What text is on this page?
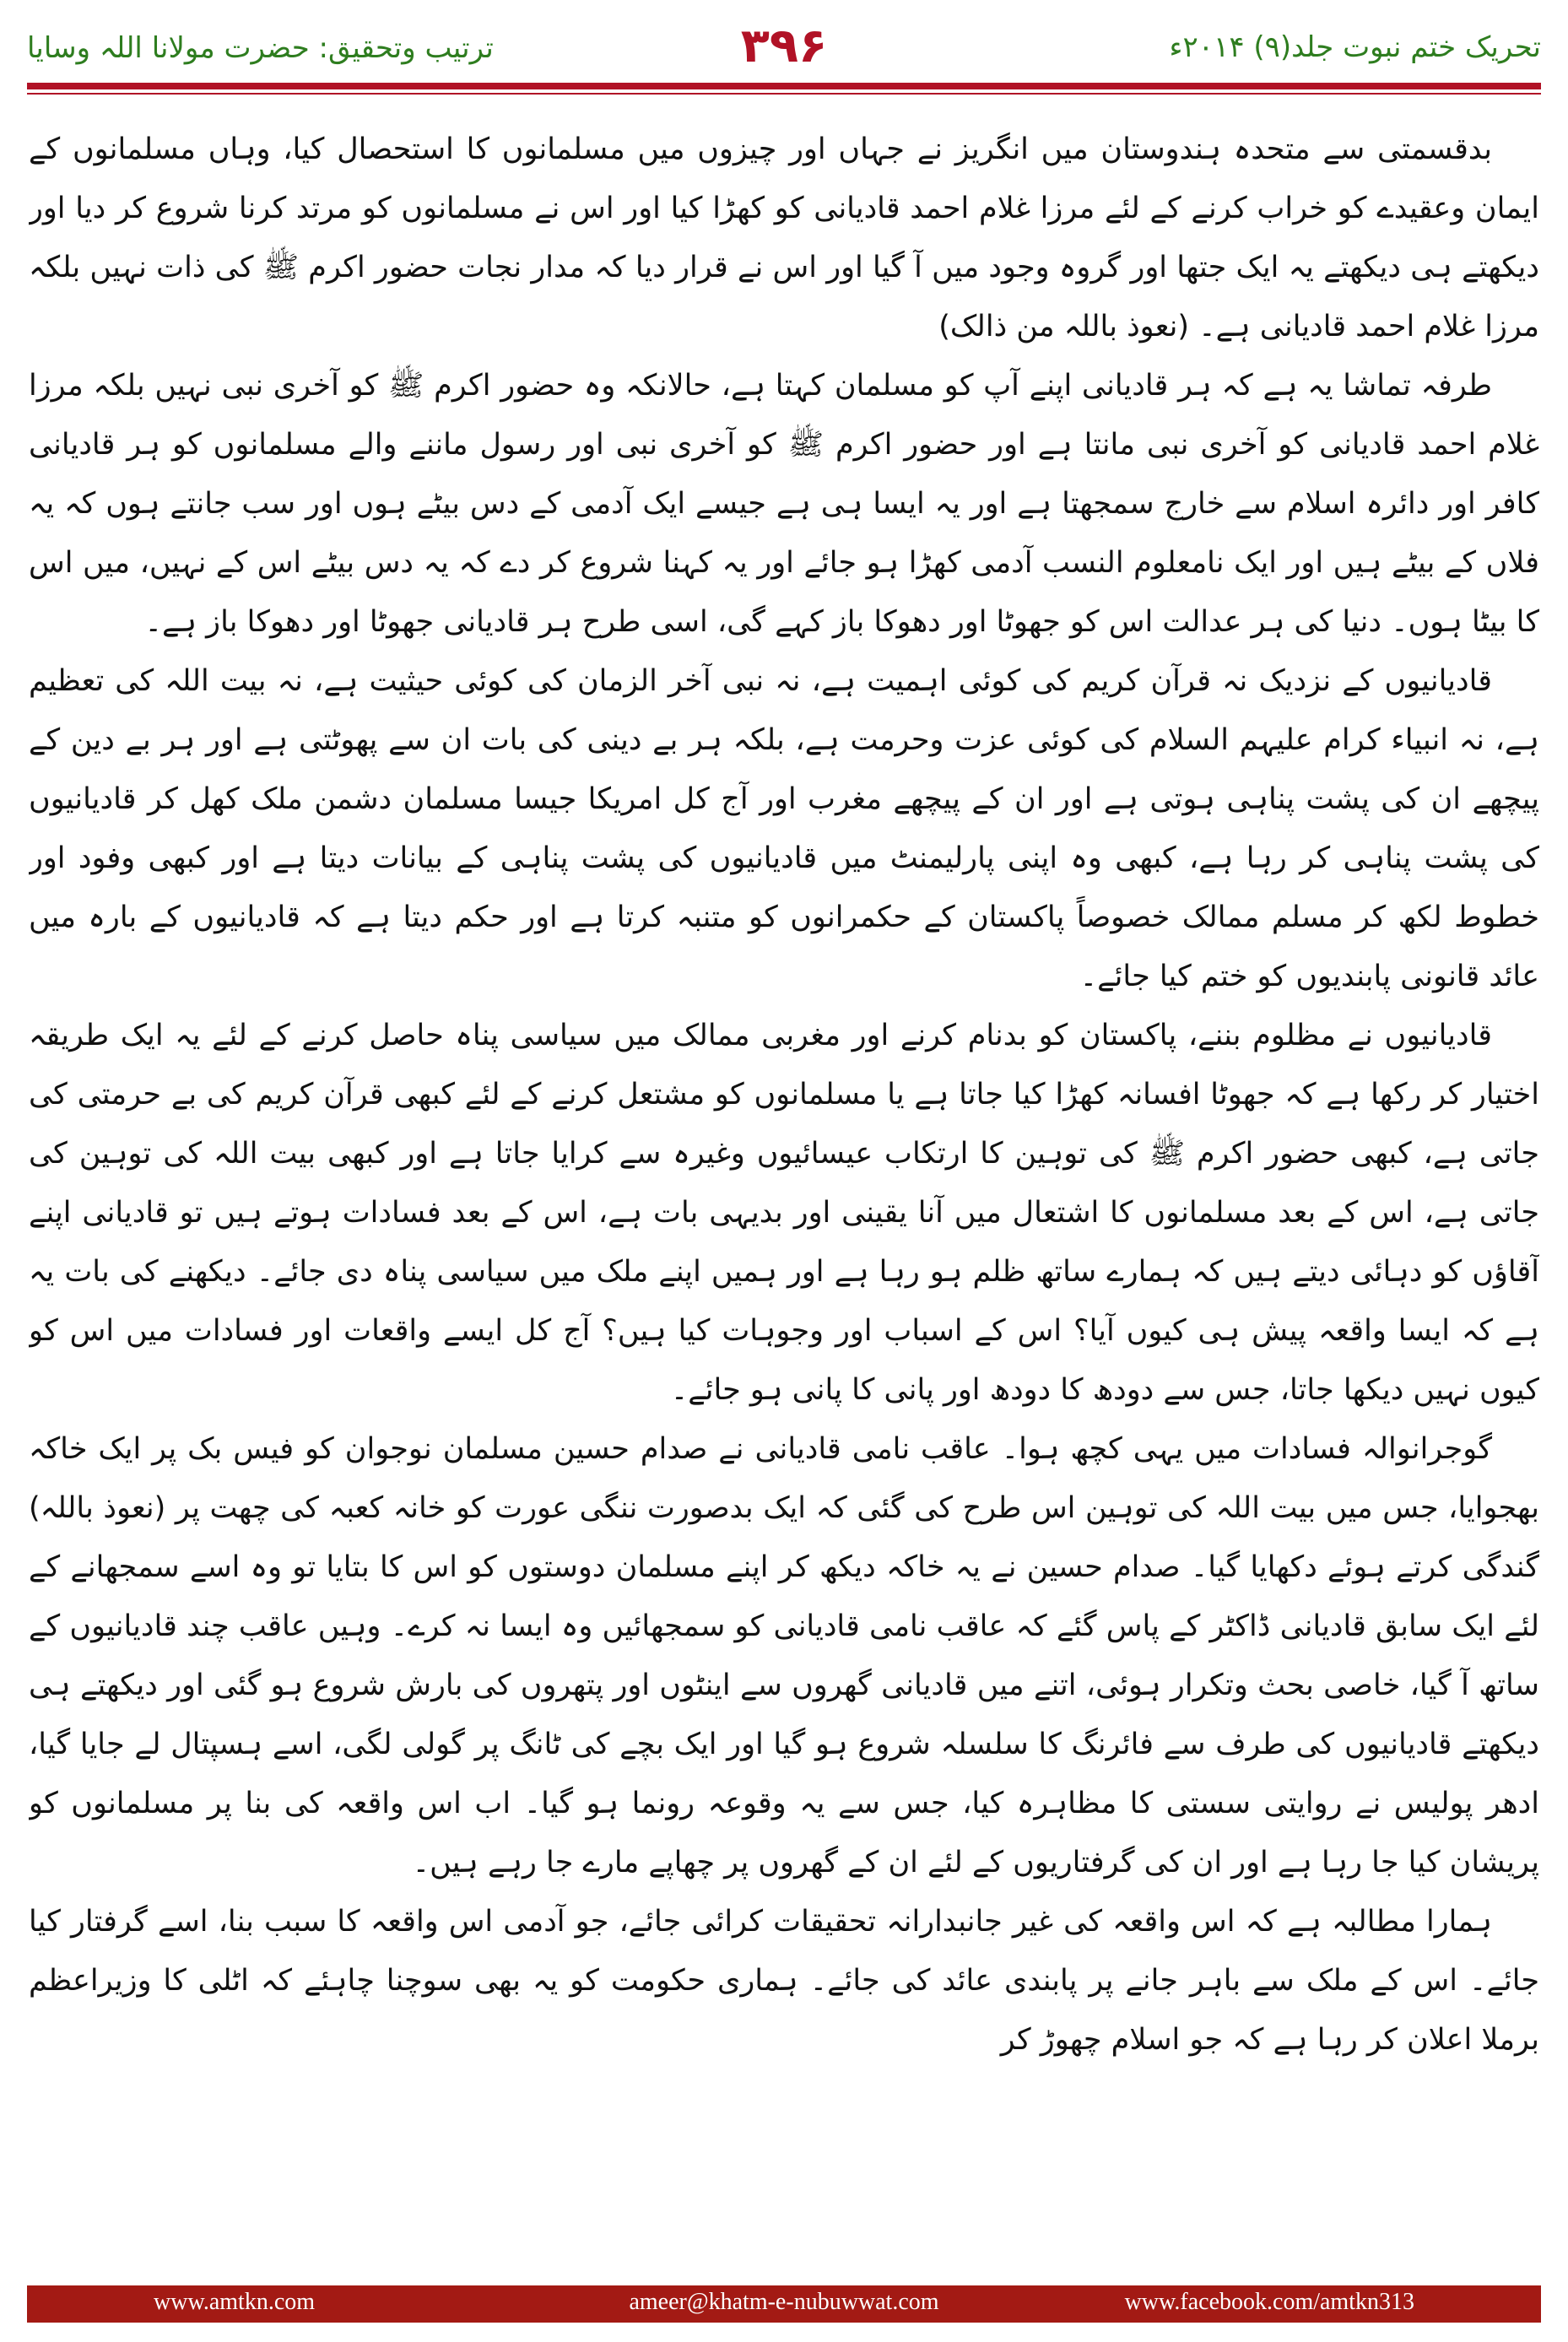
تحریک ختم نبوت جلد(۹) ۲۰۱۴ء
۳۹۶
ترتیب وتحقیق: حضرت مولانا اللہ وسایا

بدقسمتی سے متحدہ ہندوستان میں انگریز نے جہاں اور چیزوں میں مسلمانوں کا استحصال کیا، وہاں مسلمانوں کے ایمان وعقیدے کو خراب کرنے کے لئے مرزا غلام احمد قادیانی کو کھڑا کیا اور اس نے مسلمانوں کو مرتد کرنا شروع کر دیا اور دیکھتے ہی دیکھتے یہ ایک جتھا اور گروہ وجود میں آ گیا اور اس نے قرار دیا کہ مدار نجات حضور اکرم ﷺ کی ذات نہیں بلکہ مرزا غلام احمد قادیانی ہے۔ (نعوذ باللہ من ذالک)

طرفہ تماشا یہ ہے کہ ہر قادیانی اپنے آپ کو مسلمان کہتا ہے، حالانکہ وہ حضور اکرم ﷺ کو آخری نبی نہیں بلکہ مرزا غلام احمد قادیانی کو آخری نبی مانتا ہے اور حضور اکرم ﷺ کو آخری نبی اور رسول ماننے والے مسلمانوں کو ہر قادیانی کافر اور دائرہ اسلام سے خارج سمجھتا ہے اور یہ ایسا ہی ہے جیسے ایک آدمی کے دس بیٹے ہوں اور سب جانتے ہوں کہ یہ فلاں کے بیٹے ہیں اور ایک نامعلوم النسب آدمی کھڑا ہو جائے اور یہ کہنا شروع کر دے کہ یہ دس بیٹے اس کے نہیں، میں اس کا بیٹا ہوں۔ دنیا کی ہر عدالت اس کو جھوٹا اور دھوکا باز کہے گی، اسی طرح ہر قادیانی جھوٹا اور دھوکا باز ہے۔

قادیانیوں کے نزدیک نہ قرآن کریم کی کوئی اہمیت ہے، نہ نبی آخر الزمان کی کوئی حیثیت ہے، نہ بیت اللہ کی تعظیم ہے، نہ انبیاء کرام علیہم السلام کی کوئی عزت وحرمت ہے، بلکہ ہر بے دینی کی بات ان سے پھوٹتی ہے اور ہر بے دین کے پیچھے ان کی پشت پناہی ہوتی ہے اور ان کے پیچھے مغرب اور آج کل امریکا جیسا مسلمان دشمن ملک کھل کر قادیانیوں کی پشت پناہی کر رہا ہے، کبھی وہ اپنی پارلیمنٹ میں قادیانیوں کی پشت پناہی کے بیانات دیتا ہے اور کبھی وفود اور خطوط لکھ کر مسلم ممالک خصوصاً پاکستان کے حکمرانوں کو متنبہ کرتا ہے اور حکم دیتا ہے کہ قادیانیوں کے بارہ میں عائد قانونی پابندیوں کو ختم کیا جائے۔

قادیانیوں نے مظلوم بننے، پاکستان کو بدنام کرنے اور مغربی ممالک میں سیاسی پناہ حاصل کرنے کے لئے یہ ایک طریقہ اختیار کر رکھا ہے کہ جھوٹا افسانہ کھڑا کیا جاتا ہے یا مسلمانوں کو مشتعل کرنے کے لئے کبھی قرآن کریم کی بے حرمتی کی جاتی ہے، کبھی حضور اکرم ﷺ کی توہین کا ارتکاب عیسائیوں وغیرہ سے کرایا جاتا ہے اور کبھی بیت اللہ کی توہین کی جاتی ہے، اس کے بعد مسلمانوں کا اشتعال میں آنا یقینی اور بدیہی بات ہے، اس کے بعد فسادات ہوتے ہیں تو قادیانی اپنے آقاؤں کو دہائی دیتے ہیں کہ ہمارے ساتھ ظلم ہو رہا ہے اور ہمیں اپنے ملک میں سیاسی پناہ دی جائے۔ دیکھنے کی بات یہ ہے کہ ایسا واقعہ پیش ہی کیوں آیا؟ اس کے اسباب اور وجوہات کیا ہیں؟ آج کل ایسے واقعات اور فسادات میں اس کو کیوں نہیں دیکھا جاتا، جس سے دودھ کا دودھ اور پانی کا پانی ہو جائے۔

گوجرانوالہ فسادات میں یہی کچھ ہوا۔ عاقب نامی قادیانی نے صدام حسین مسلمان نوجوان کو فیس بک پر ایک خاکہ بھجوایا، جس میں بیت اللہ کی توہین اس طرح کی گئی کہ ایک بدصورت ننگی عورت کو خانہ کعبہ کی چھت پر (نعوذ باللہ) گندگی کرتے ہوئے دکھایا گیا۔ صدام حسین نے یہ خاکہ دیکھ کر اپنے مسلمان دوستوں کو اس کا بتایا تو وہ اسے سمجھانے کے لئے ایک سابق قادیانی ڈاکٹر کے پاس گئے کہ عاقب نامی قادیانی کو سمجھائیں وہ ایسا نہ کرے۔ وہیں عاقب چند قادیانیوں کے ساتھ آ گیا، خاصی بحث وتکرار ہوئی، اتنے میں قادیانی گھروں سے اینٹوں اور پتھروں کی بارش شروع ہو گئی اور دیکھتے ہی دیکھتے قادیانیوں کی طرف سے فائرنگ کا سلسلہ شروع ہو گیا اور ایک بچے کی ٹانگ پر گولی لگی، اسے ہسپتال لے جایا گیا، ادھر پولیس نے روایتی سستی کا مظاہرہ کیا، جس سے یہ وقوعہ رونما ہو گیا۔ اب اس واقعہ کی بنا پر مسلمانوں کو پریشان کیا جا رہا ہے اور ان کی گرفتاریوں کے لئے ان کے گھروں پر چھاپے مارے جا رہے ہیں۔

ہمارا مطالبہ ہے کہ اس واقعہ کی غیر جانبدارانہ تحقیقات کرائی جائے، جو آدمی اس واقعہ کا سبب بنا، اسے گرفتار کیا جائے۔ اس کے ملک سے باہر جانے پر پابندی عائد کی جائے۔ ہماری حکومت کو یہ بھی سوچنا چاہئے کہ اٹلی کا وزیراعظم برملا اعلان کر رہا ہے کہ جو اسلام چھوڑ کر

www.amtkn.com	ameer@khatm-e-nubuwwat.com	www.facebook.com/amtkn313
